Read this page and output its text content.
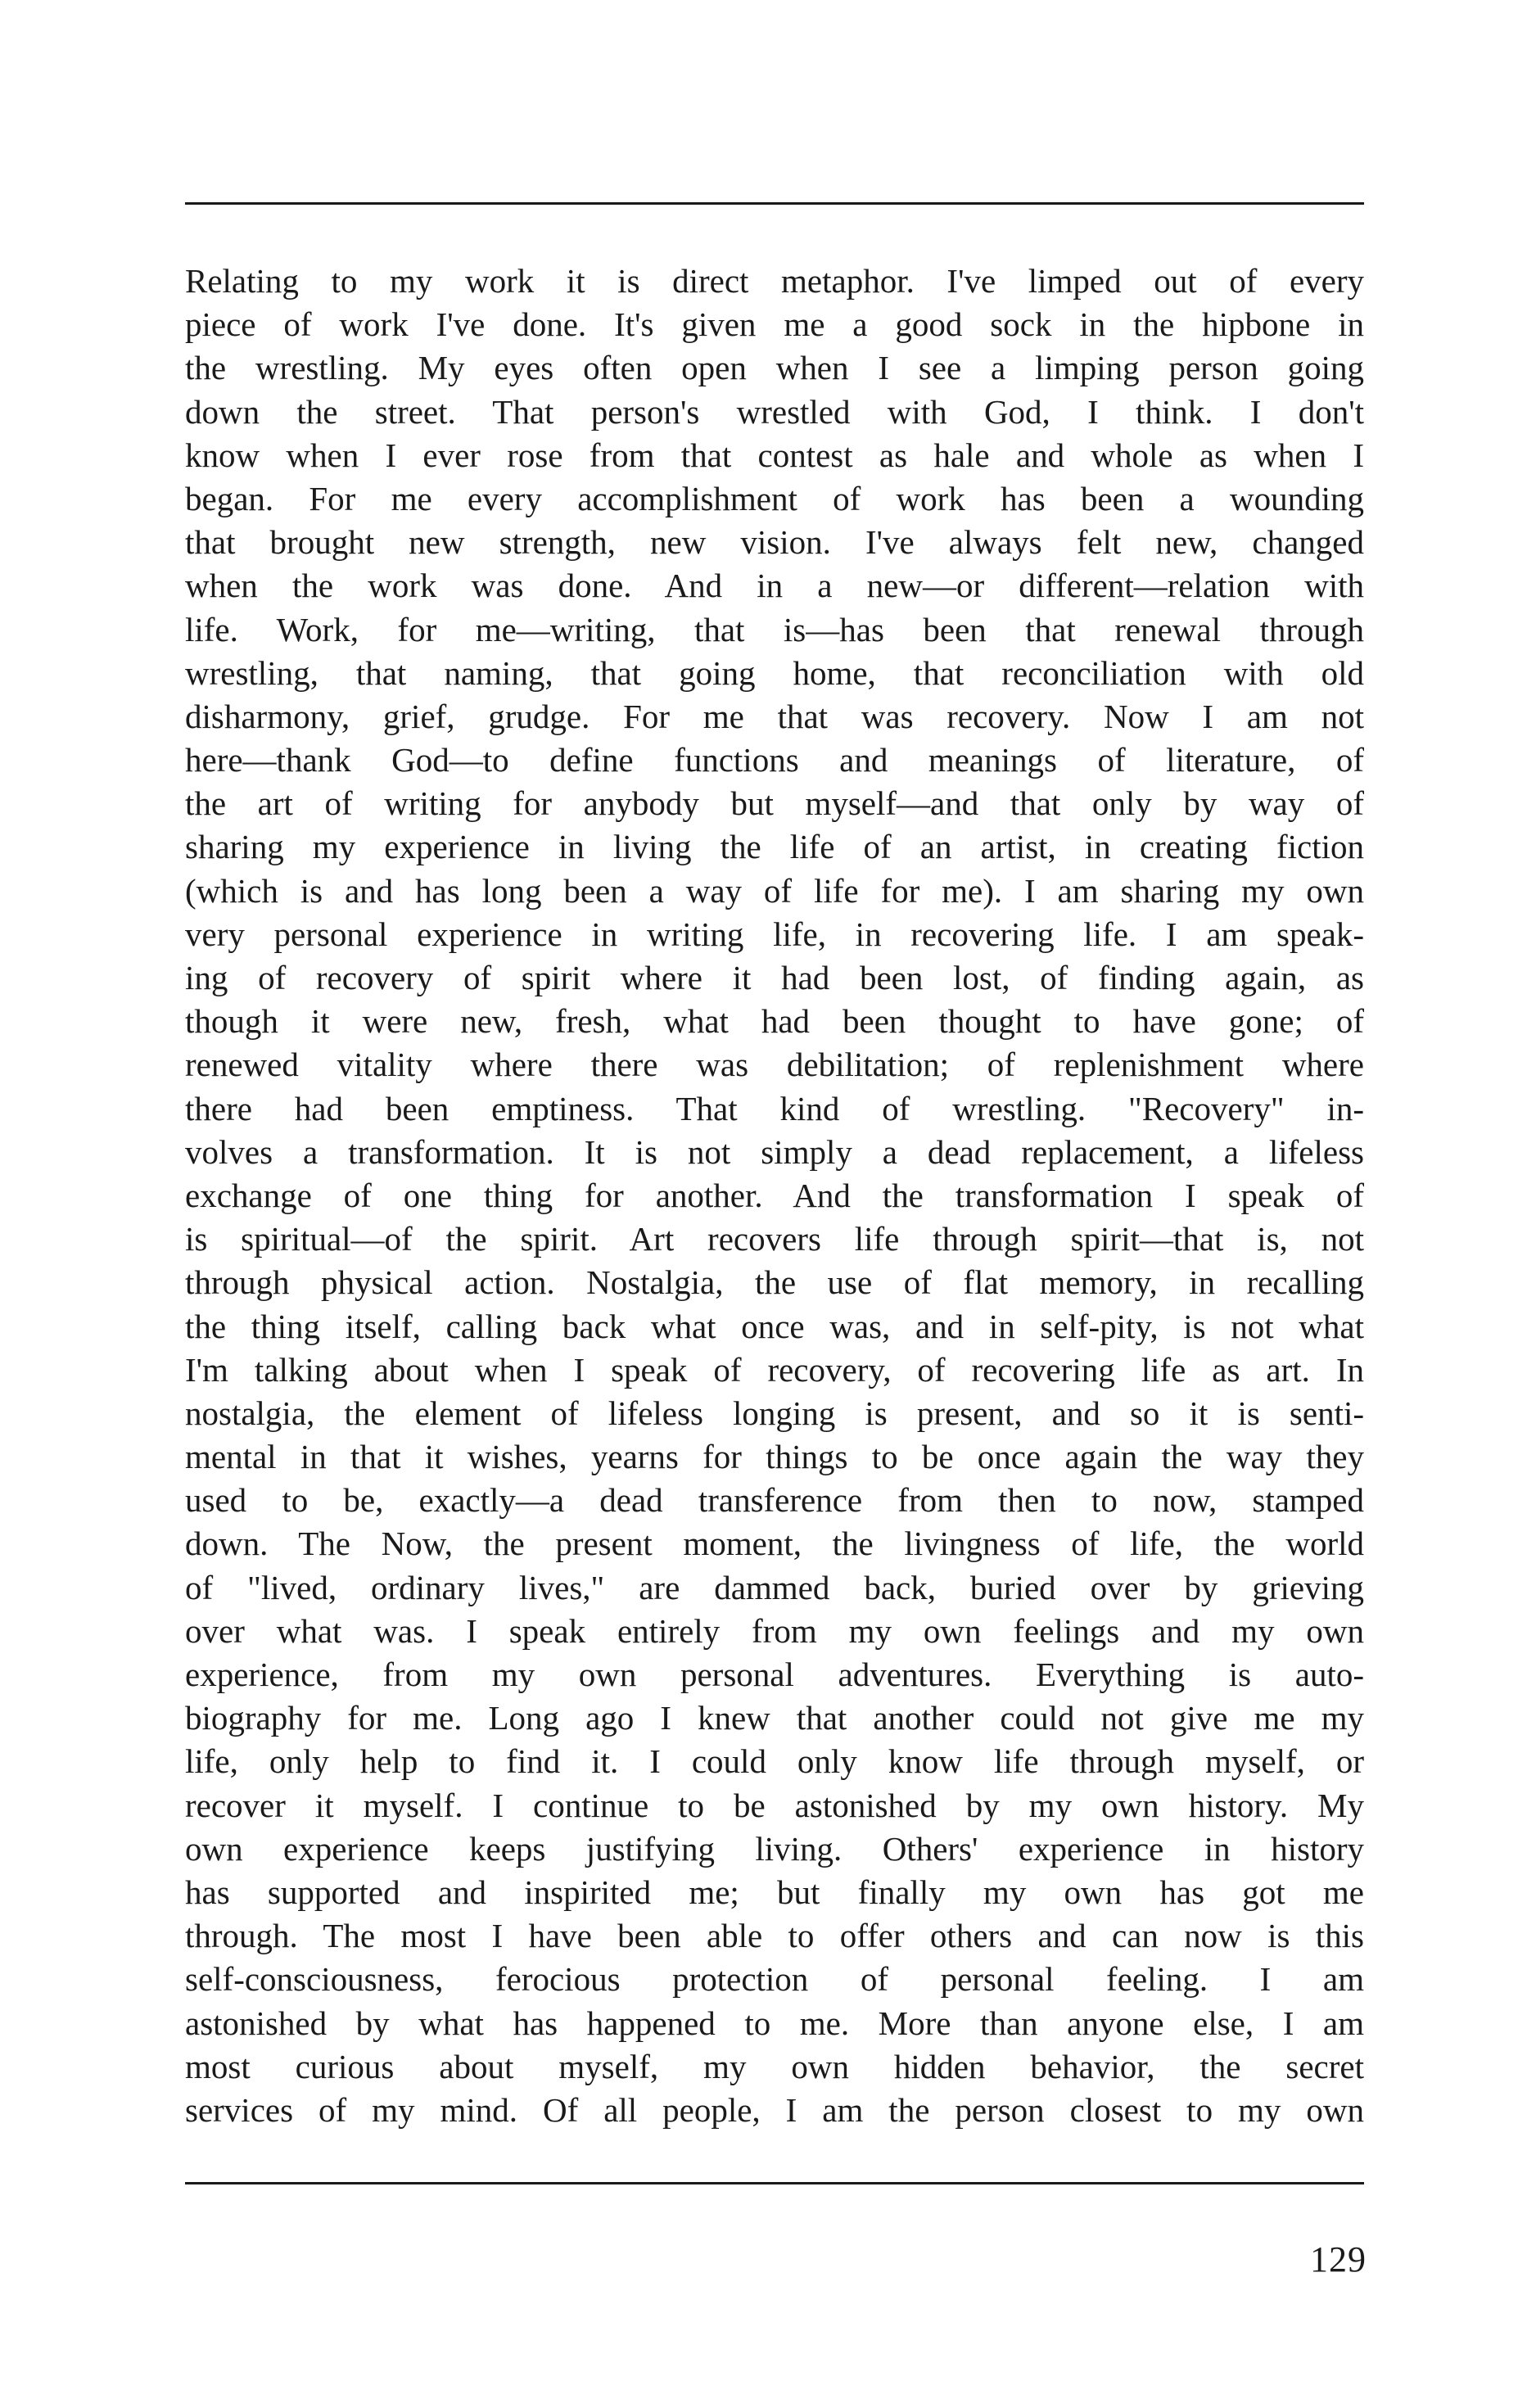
Relating to my work it is direct metaphor. I've limped out of every
piece of work I've done. It's given me a good sock in the hipbone in
the wrestling. My eyes often open when I see a limping person going
down the street. That person's wrestled with God, I think. I don't
know when I ever rose from that contest as hale and whole as when I
began. For me every accomplishment of work has been a wounding
that brought new strength, new vision. I've always felt new, changed
when the work was done. And in a new—or different—relation with
life. Work, for me—writing, that is—has been that renewal through
wrestling, that naming, that going home, that reconciliation with old
disharmony, grief, grudge. For me that was recovery. Now I am not
here—thank God—to define functions and meanings of literature, of
the art of writing for anybody but myself—and that only by way of
sharing my experience in living the life of an artist, in creating fiction
(which is and has long been a way of life for me). I am sharing my own
very personal experience in writing life, in recovering life. I am speak-
ing of recovery of spirit where it had been lost, of finding again, as
though it were new, fresh, what had been thought to have gone; of
renewed vitality where there was debilitation; of replenishment where
there had been emptiness. That kind of wrestling. "Recovery" in-
volves a transformation. It is not simply a dead replacement, a lifeless
exchange of one thing for another. And the transformation I speak of
is spiritual—of the spirit. Art recovers life through spirit—that is, not
through physical action. Nostalgia, the use of flat memory, in recalling
the thing itself, calling back what once was, and in self-pity, is not what
I'm talking about when I speak of recovery, of recovering life as art. In
nostalgia, the element of lifeless longing is present, and so it is senti-
mental in that it wishes, yearns for things to be once again the way they
used to be, exactly—a dead transference from then to now, stamped
down. The Now, the present moment, the livingness of life, the world
of "lived, ordinary lives," are dammed back, buried over by grieving
over what was. I speak entirely from my own feelings and my own
experience, from my own personal adventures. Everything is auto-
biography for me. Long ago I knew that another could not give me my
life, only help to find it. I could only know life through myself, or
recover it myself. I continue to be astonished by my own history. My
own experience keeps justifying living. Others' experience in history
has supported and inspirited me; but finally my own has got me
through. The most I have been able to offer others and can now is this
self-consciousness, ferocious protection of personal feeling. I am
astonished by what has happened to me. More than anyone else, I am
most curious about myself, my own hidden behavior, the secret
services of my mind. Of all people, I am the person closest to my own
129
